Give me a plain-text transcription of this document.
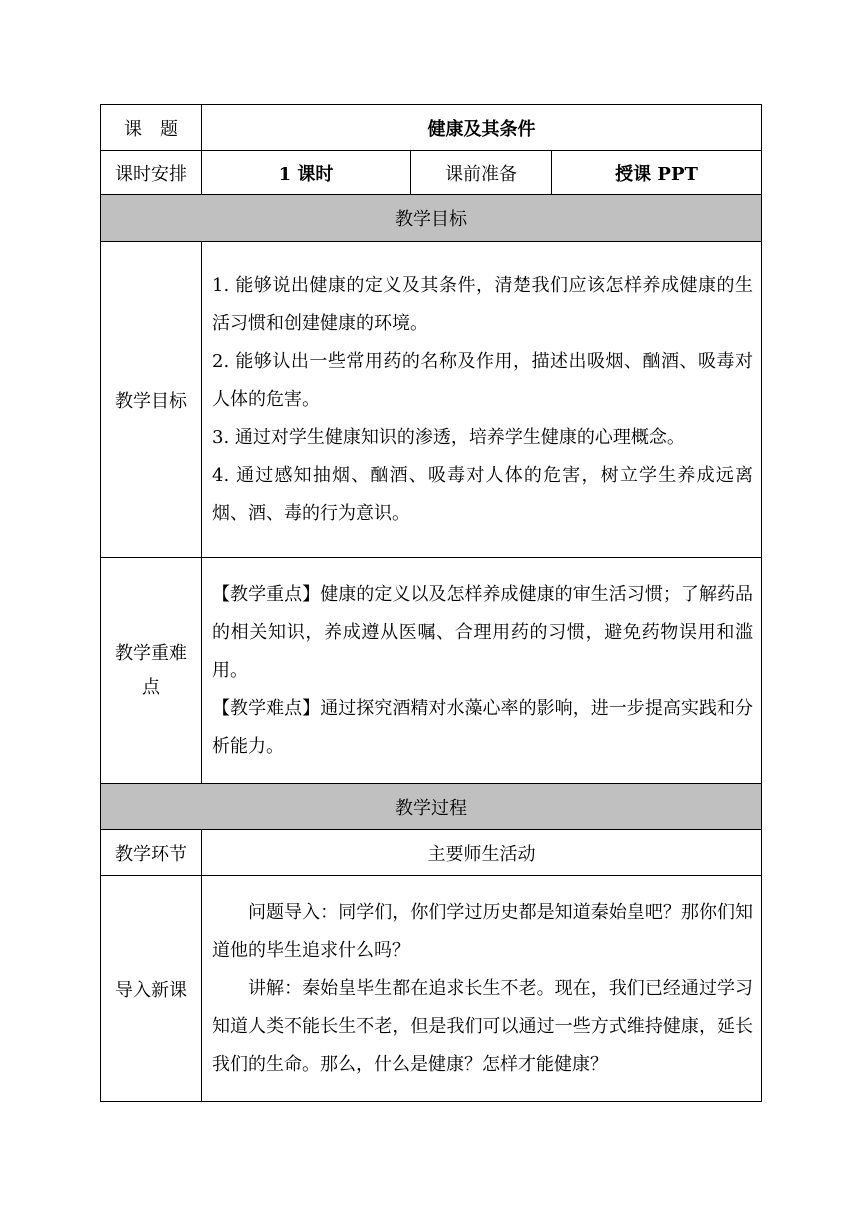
课　题	健康及其条件		
课时安排	1 课时	课前准备	授课 PPT
教学目标			
教学目标	1. 能够说出健康的定义及其条件，清楚我们应该怎样养成健康的生活习惯和创建健康的环境。

2. 能够认出一些常用药的名称及作用，描述出吸烟、酗酒、吸毒对人体的危害。

3. 通过对学生健康知识的渗透，培养学生健康的心理概念。

4. 通过感知抽烟、酗酒、吸毒对人体的危害，树立学生养成远离烟、酒、毒的行为意识。		

教学重难点	【教学重点】健康的定义以及怎样养成健康的审生活习惯；了解药品的相关知识，养成遵从医嘱、合理用药的习惯，避免药物误用和滥用。

【教学难点】通过探究酒精对水藻心率的影响，进一步提高实践和分析能力。		

教学过程			
教学环节	主要师生活动		
导入新课	问题导入：同学们，你们学过历史都是知道秦始皇吧？那你们知道他的毕生追求什么吗？

讲解：秦始皇毕生都在追求长生不老。现在，我们已经通过学习知道人类不能长生不老，但是我们可以通过一些方式维持健康，延长我们的生命。那么，什么是健康？怎样才能健康？		
